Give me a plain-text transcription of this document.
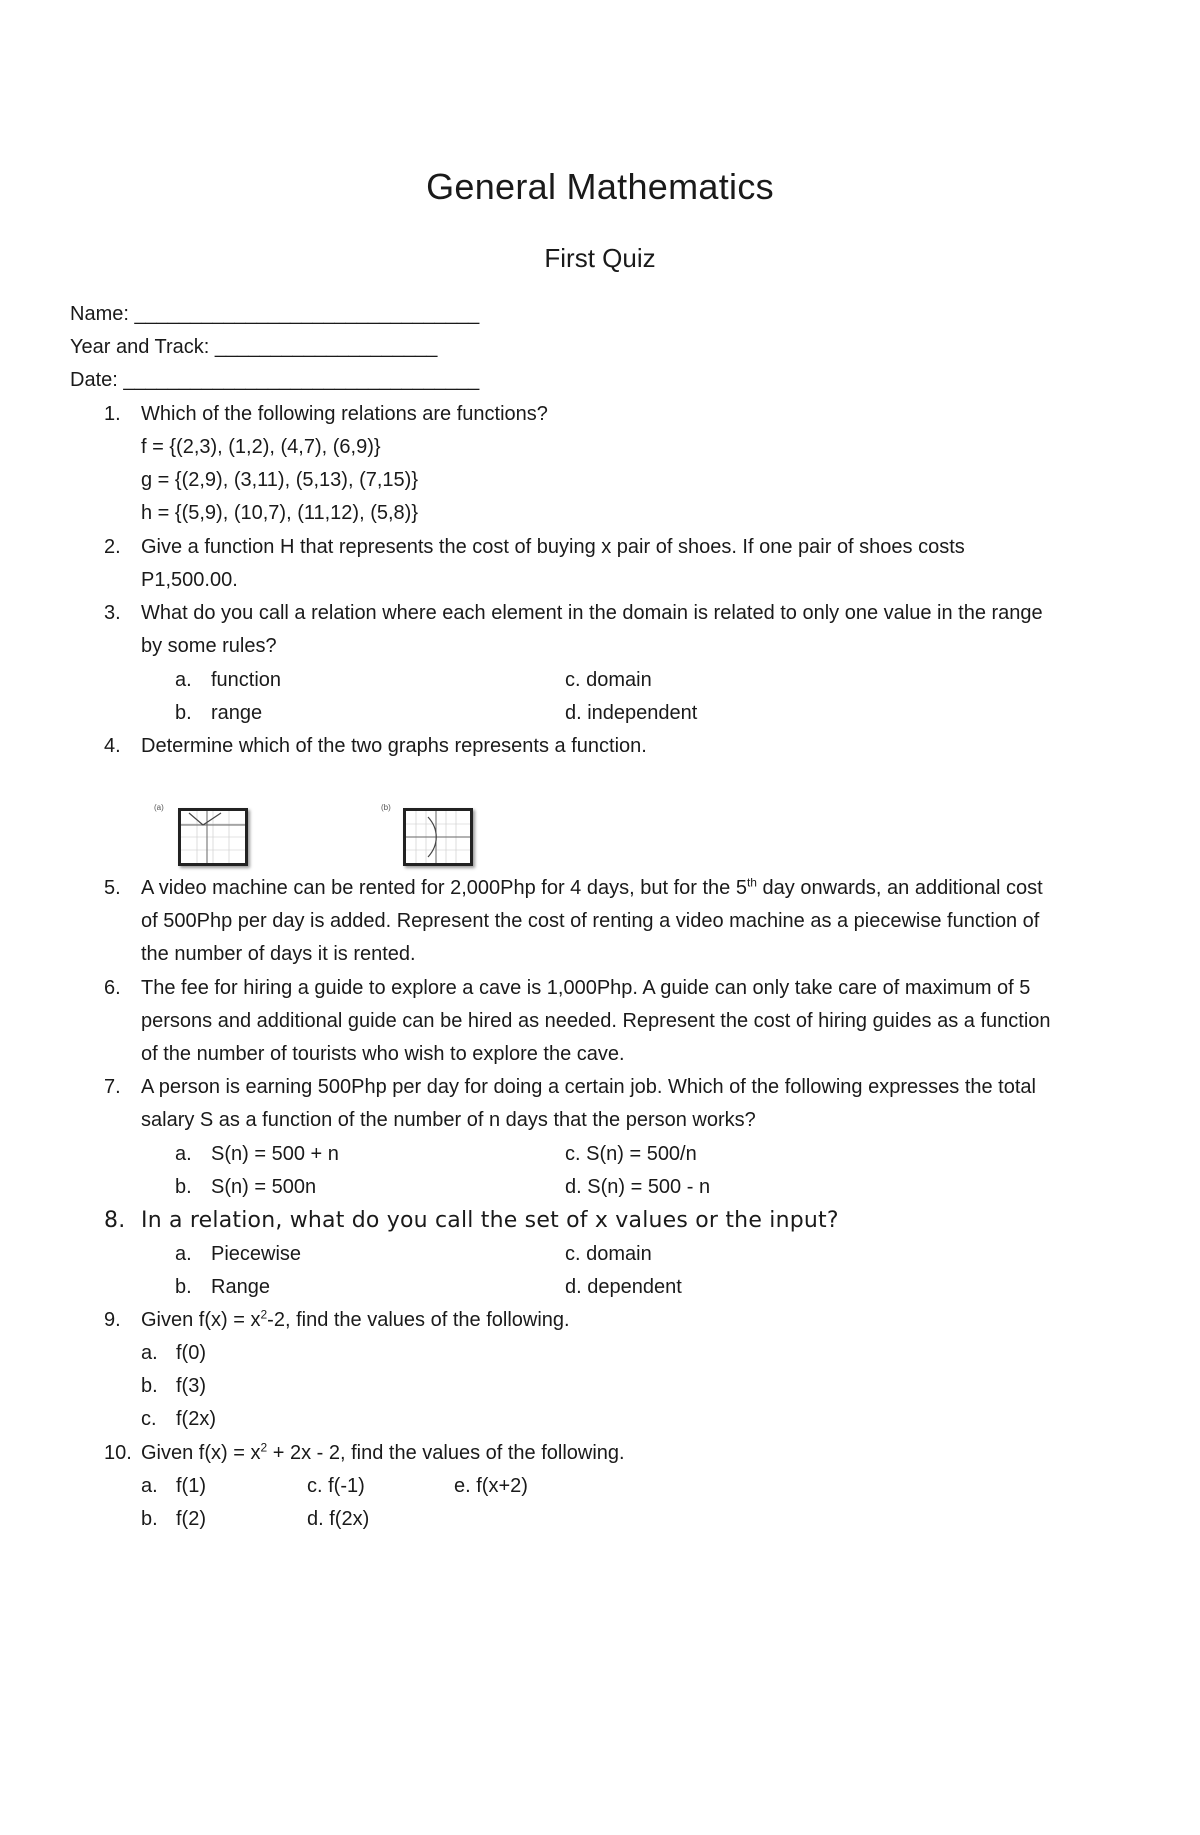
General Mathematics
First Quiz
Name: _______________________________
Year and Track: ____________________
Date: ________________________________
1. Which of the following relations are functions?
f = {(2,3), (1,2), (4,7), (6,9)}
g = {(2,9), (3,11), (5,13), (7,15)}
h = {(5,9), (10,7), (11,12), (5,8)}
2. Give a function H that represents the cost of buying x pair of shoes. If one pair of shoes costs
P1,500.00.
3. What do you call a relation where each element in the domain is related to only one value in the range
by some rules?
a. function	c. domain
b. range	d. independent
4. Determine which of the two graphs represents a function.
(a)	(b)
5. A video machine can be rented for 2,000Php for 4 days, but for the 5th day onwards, an additional cost
of 500Php per day is added. Represent the cost of renting a video machine as a piecewise function of
the number of days it is rented.
6. The fee for hiring a guide to explore a cave is 1,000Php. A guide can only take care of maximum of 5
persons and additional guide can be hired as needed. Represent the cost of hiring guides as a function
of the number of tourists who wish to explore the cave.
7. A person is earning 500Php per day for doing a certain job. Which of the following expresses the total
salary S as a function of the number of n days that the person works?
a. S(n) = 500 + n	c. S(n) = 500/n
b. S(n) = 500n	d. S(n) = 500 - n
8. In a relation, what do you call the set of x values or the input?
a. Piecewise	c. domain
b. Range	d. dependent
9. Given $f(x) = x^2-2$, find the values of the following.
a. f(0)
b. f(3)
c. f(2x)
10. Given $f(x) = x^2 + 2x - 2$, find the values of the following.
a. f(1)	c. f(-1)	e. f(x+2)
b. f(2)	d. f(2x)
